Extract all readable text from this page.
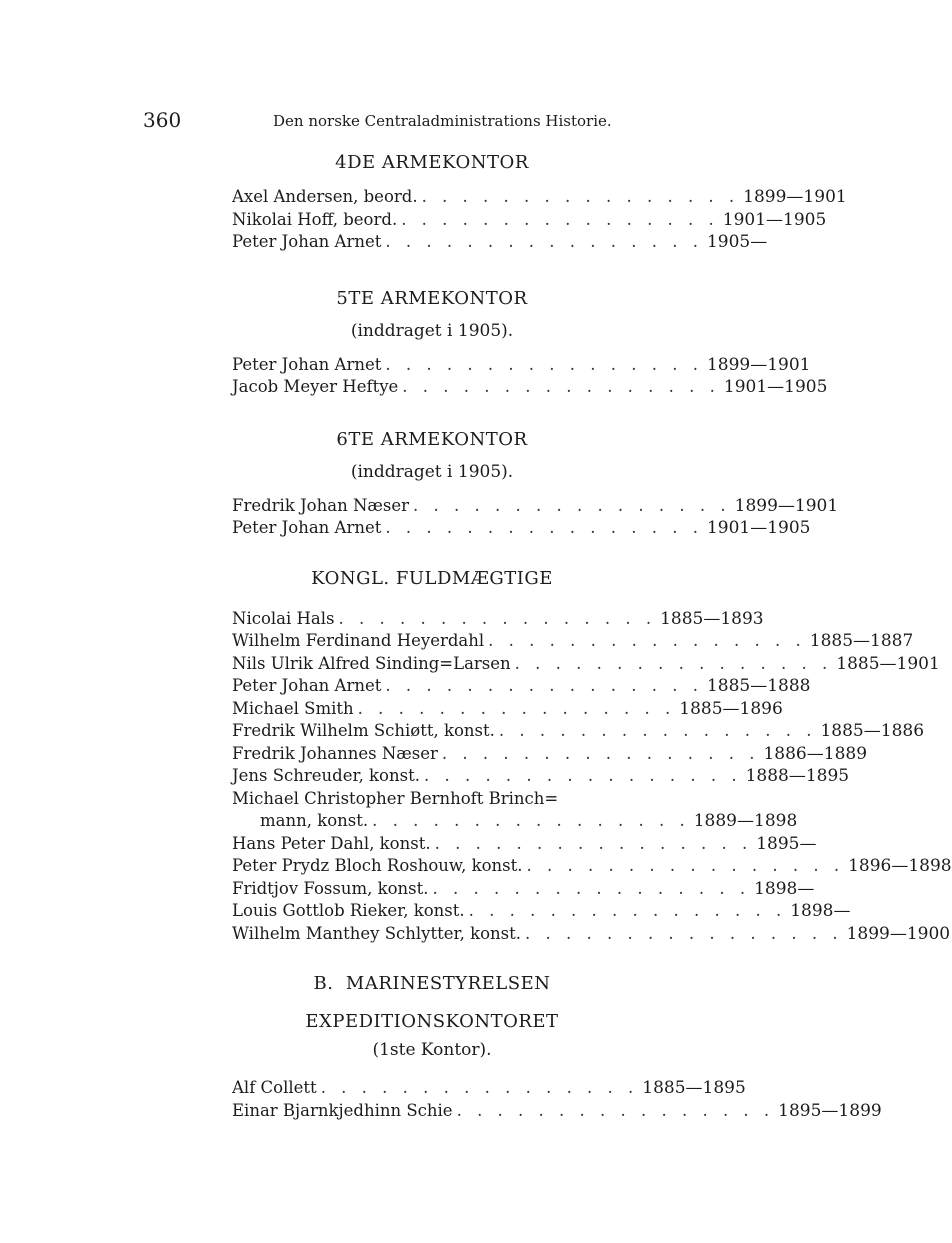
360	Den norske Centraladministrations Historie.

4DE ARMEKONTOR

Axel Andersen, beord. . . . . . . . . . . . . . . . . 1899—1901
Nikolai Hoff, beord. . . . . . . . . . . . . . . . . 1901—1905
Peter Johan Arnet . . . . . . . . . . . . . . . . 1905—

5TE ARMEKONTOR

(inddraget i 1905).

Peter Johan Arnet . . . . . . . . . . . . . . . . 1899—1901
Jacob Meyer Heftye . . . . . . . . . . . . . . . . 1901—1905

6TE ARMEKONTOR

(inddraget i 1905).

Fredrik Johan Næser . . . . . . . . . . . . . . . . 1899—1901
Peter Johan Arnet . . . . . . . . . . . . . . . . 1901—1905

KONGL. FULDMÆGTIGE

Nicolai Hals . . . . . . . . . . . . . . . . 1885—1893
Wilhelm Ferdinand Heyerdahl . . . . . . . . . . . . . . . . 1885—1887
Nils Ulrik Alfred Sinding=Larsen . . . . . . . . . . . . . . . . 1885—1901
Peter Johan Arnet . . . . . . . . . . . . . . . . 1885—1888
Michael Smith . . . . . . . . . . . . . . . . 1885—1896
Fredrik Wilhelm Schiøtt, konst. . . . . . . . . . . . . . . . . 1885—1886
Fredrik Johannes Næser . . . . . . . . . . . . . . . . 1886—1889
Jens Schreuder, konst. . . . . . . . . . . . . . . . . 1888—1895
Michael Christopher Bernhoft Brinch=
mann, konst. . . . . . . . . . . . . . . . . 1889—1898
Hans Peter Dahl, konst. . . . . . . . . . . . . . . . . 1895—
Peter Prydz Bloch Roshouw, konst. . . . . . . . . . . . . . . . . 1896—1898
Fridtjov Fossum, konst. . . . . . . . . . . . . . . . . 1898—
Louis Gottlob Rieker, konst. . . . . . . . . . . . . . . . . 1898—
Wilhelm Manthey Schlytter, konst. . . . . . . . . . . . . . . . . 1899—1900

B.  MARINESTYRELSEN

EXPEDITIONSKONTORET

(1ste Kontor).

Alf Collett . . . . . . . . . . . . . . . . 1885—1895
Einar Bjarnkjedhinn Schie . . . . . . . . . . . . . . . . 1895—1899
